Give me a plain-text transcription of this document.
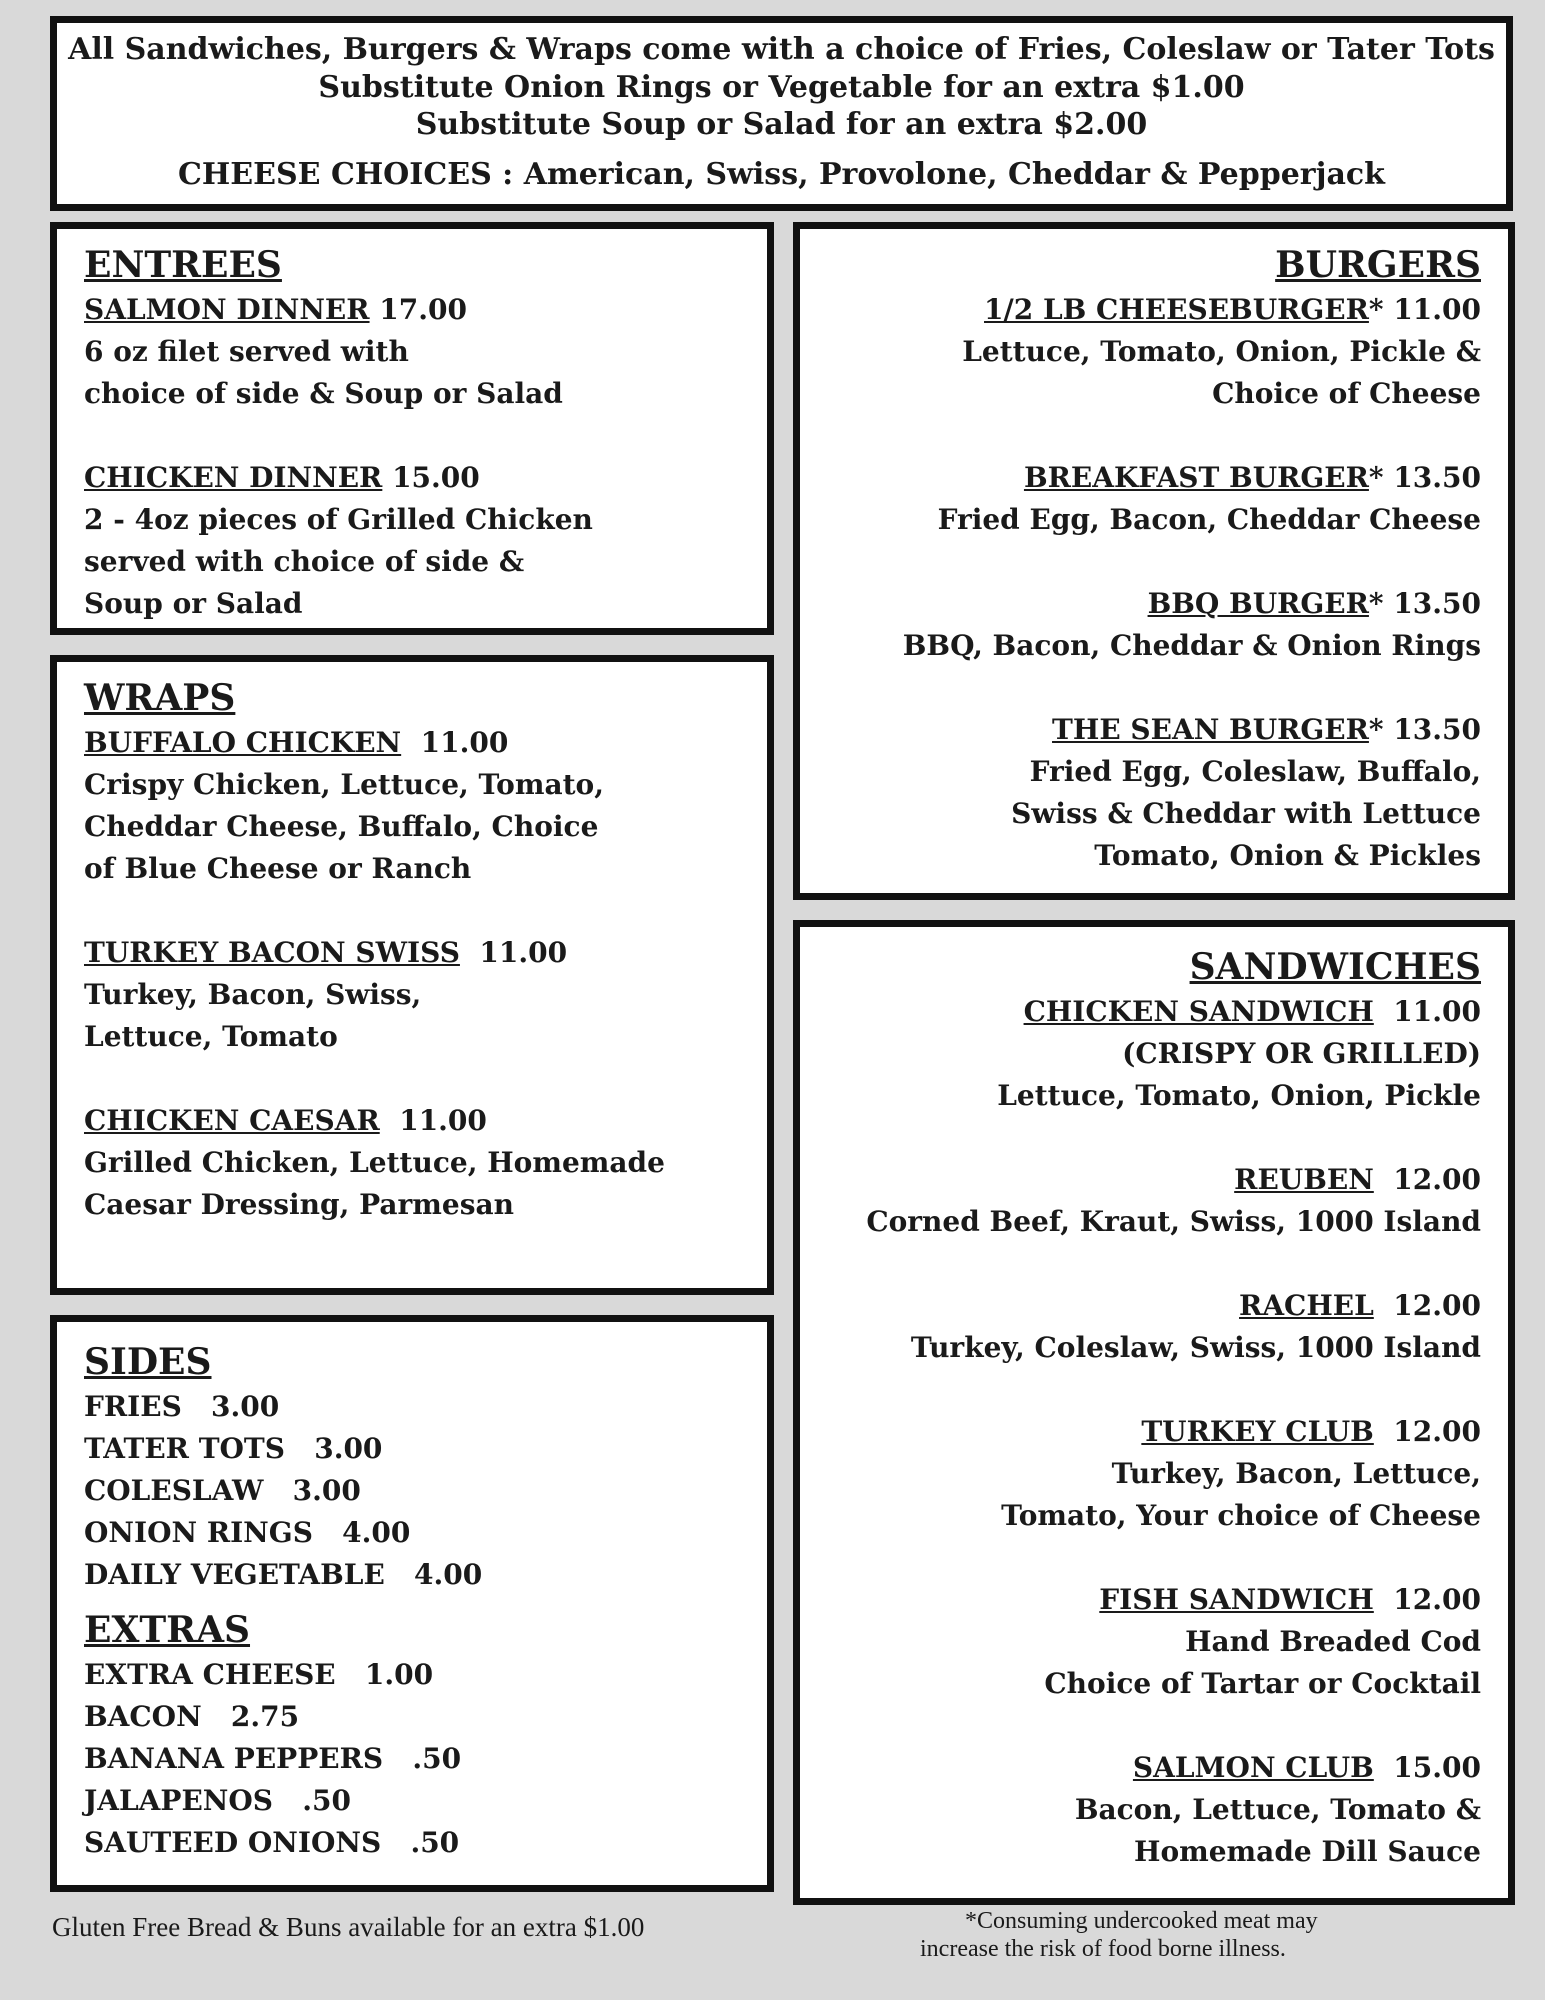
All Sandwiches, Burgers & Wraps come with a choice of Fries, Coleslaw or Tater Tots
Substitute Onion Rings or Vegetable for an extra $1.00
Substitute Soup or Salad for an extra $2.00
CHEESE CHOICES : American, Swiss, Provolone, Cheddar & Pepperjack
ENTREES
SALMON DINNER 17.00
6 oz filet served with
choice of side & Soup or Salad
CHICKEN DINNER 15.00
2 - 4oz pieces of Grilled Chicken
served with choice of side &
Soup or Salad
WRAPS
BUFFALO CHICKEN  11.00
Crispy Chicken, Lettuce, Tomato,
Cheddar Cheese, Buffalo, Choice
of Blue Cheese or Ranch
TURKEY BACON SWISS  11.00
Turkey, Bacon, Swiss,
Lettuce, Tomato
CHICKEN CAESAR  11.00
Grilled Chicken, Lettuce, Homemade
Caesar Dressing, Parmesan
SIDES
FRIES   3.00
TATER TOTS   3.00
COLESLAW   3.00
ONION RINGS   4.00
DAILY VEGETABLE   4.00
EXTRAS
EXTRA CHEESE   1.00
BACON   2.75
BANANA PEPPERS   .50
JALAPENOS   .50
SAUTEED ONIONS   .50
BURGERS
1/2 LB CHEESEBURGER* 11.00
Lettuce, Tomato, Onion, Pickle &
Choice of Cheese
BREAKFAST BURGER* 13.50
Fried Egg, Bacon, Cheddar Cheese
BBQ BURGER* 13.50
BBQ, Bacon, Cheddar & Onion Rings
THE SEAN BURGER* 13.50
Fried Egg, Coleslaw, Buffalo,
Swiss & Cheddar with Lettuce
Tomato, Onion & Pickles
SANDWICHES
CHICKEN SANDWICH  11.00
(CRISPY OR GRILLED)
Lettuce, Tomato, Onion, Pickle
REUBEN  12.00
Corned Beef, Kraut, Swiss, 1000 Island
RACHEL  12.00
Turkey, Coleslaw, Swiss, 1000 Island
TURKEY CLUB  12.00
Turkey, Bacon, Lettuce,
Tomato, Your choice of Cheese
FISH SANDWICH  12.00
Hand Breaded Cod
Choice of Tartar or Cocktail
SALMON CLUB  15.00
Bacon, Lettuce, Tomato &
Homemade Dill Sauce
Gluten Free Bread & Buns available for an extra $1.00	*Consuming undercooked meat may
increase the risk of food borne illness.
